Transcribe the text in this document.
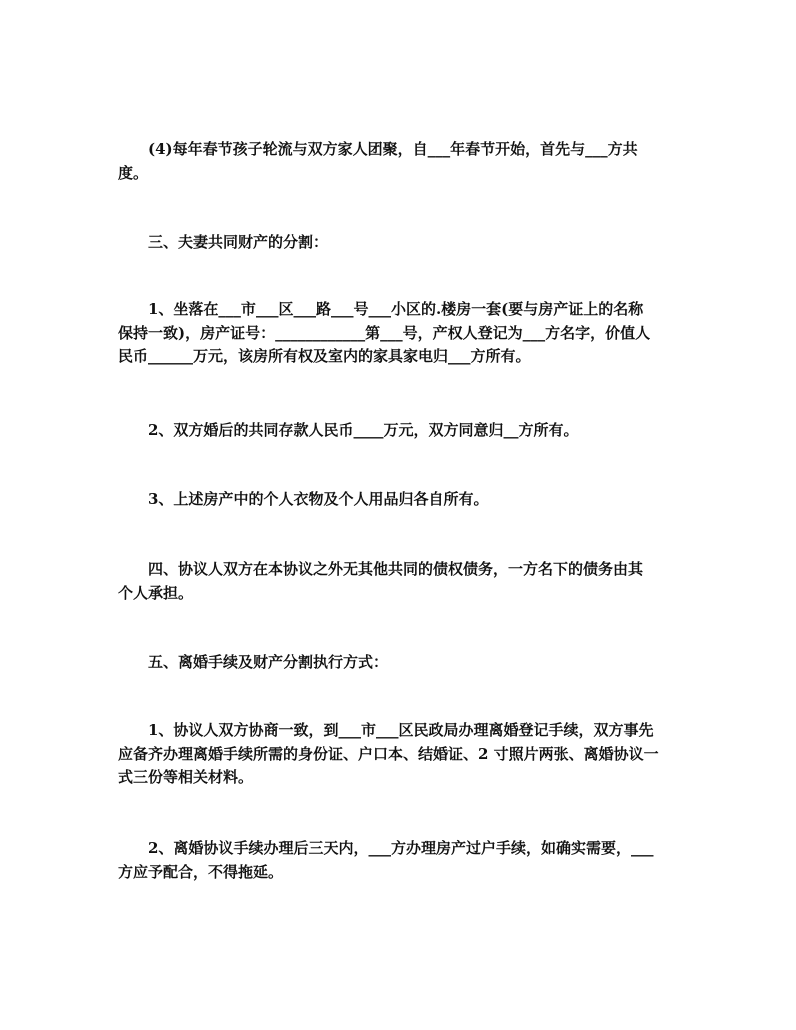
(4)每年春节孩子轮流与双方家人团聚，自___年春节开始，首先与___方共
度。

三、夫妻共同财产的分割：

1、坐落在___市___区___路___号___小区的.楼房一套(要与房产证上的名称
保持一致)，房产证号：____________第___号，产权人登记为___方名字，价值人
民币______万元，该房所有权及室内的家具家电归___方所有。

2、双方婚后的共同存款人民币____万元，双方同意归__方所有。

3、上述房产中的个人衣物及个人用品归各自所有。

四、协议人双方在本协议之外无其他共同的债权债务，一方名下的债务由其
个人承担。

五、离婚手续及财产分割执行方式：

1、协议人双方协商一致，到___市___区民政局办理离婚登记手续，双方事先
应备齐办理离婚手续所需的身份证、户口本、结婚证、2 寸照片两张、离婚协议一
式三份等相关材料。

2、离婚协议手续办理后三天内，___方办理房产过户手续，如确实需要，___
方应予配合，不得拖延。
